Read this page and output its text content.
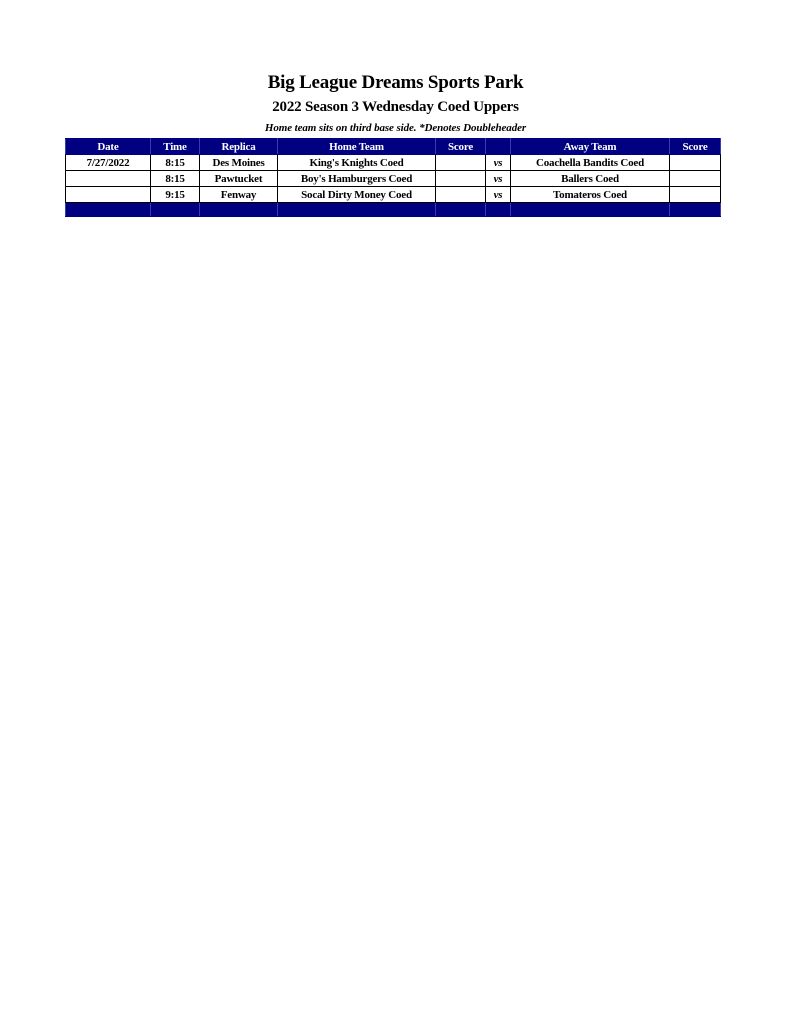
Big League Dreams Sports Park
2022 Season 3 Wednesday Coed Uppers
Home team sits on third base side. *Denotes Doubleheader
Date	Time	Replica	Home Team	Score		Away Team	Score
7/27/2022	8:15	Des Moines	King's Knights Coed		vs	Coachella Bandits Coed	
	8:15	Pawtucket	Boy's Hamburgers Coed		vs	Ballers Coed	
	9:15	Fenway	Socal Dirty Money Coed		vs	Tomateros Coed	
